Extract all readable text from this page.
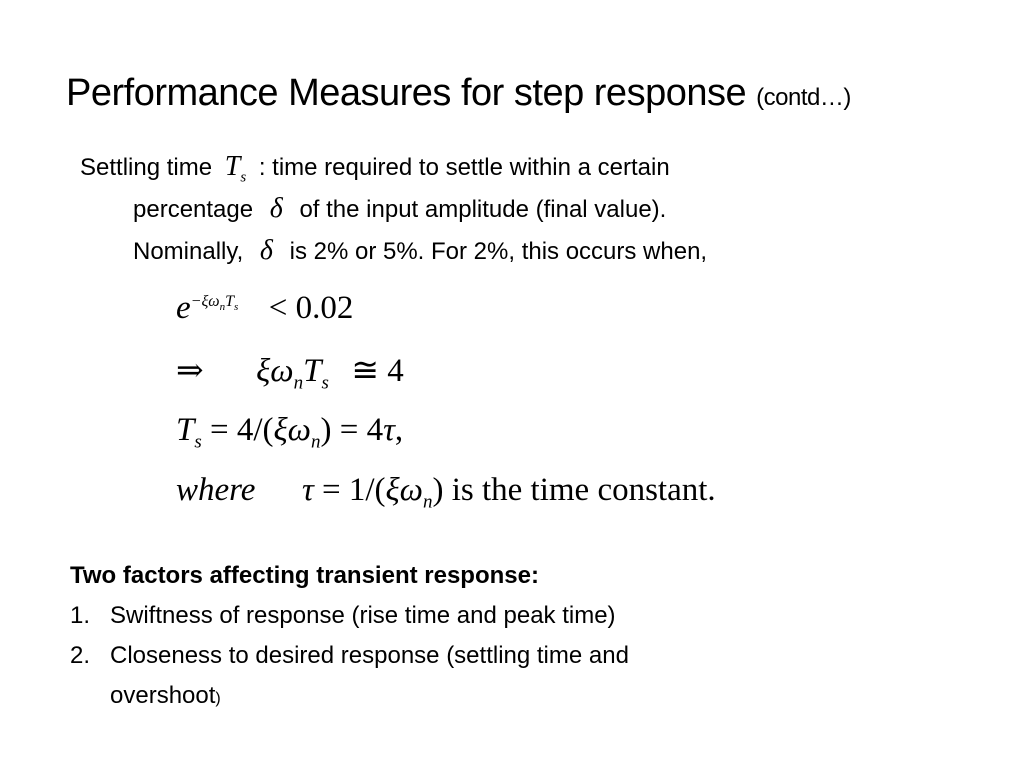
Performance Measures for step response (contd…)
Settling time $T_s$ : time required to settle within a certain
percentage δ of the input amplitude (final value).
Nominally, δ is 2% or 5%. For 2%, this occurs when,
$e^{-\xi\omega_nT_s} < 0.02$
⇒ $\xi\omega_nT_s$ ≅ 4
$T_s = 4/(\xi\omega_n) = 4\tau$,
where $\tau = 1/(\xi\omega_n)$ is the time constant.
Two factors affecting transient response:
1. Swiftness of response (rise time and peak time)
2. Closeness to desired response (settling time and
overshoot)
